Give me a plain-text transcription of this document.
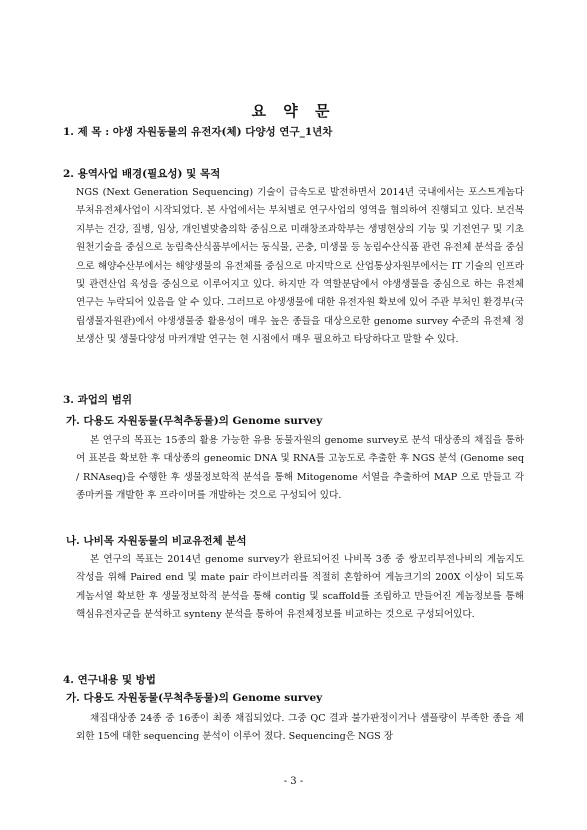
요 약 문
1. 제 목 : 야생 자원동물의 유전자(체) 다양성 연구_1년차
2. 용역사업 배경(필요성) 및 목적

NGS (Next Generation Sequencing) 기술이 급속도로 발전하면서 2014년 국내에서는 포스트게놈다부처유전체사업이 시작되었다. 본 사업에서는 부처별로 연구사업의 영역을 협의하여 진행되고 있다. 보건복지부는 건강, 질병, 임상, 개인별맞춤의학 중심으로 미래창조과학부는 생명현상의 기능 및 기전연구 및 기초원천기술을 중심으로 농림축산식품부에서는 동식물, 곤충, 미생물 등 농림수산식품 관련 유전체 분석을 중심으로 해양수산부에서는 해양생물의 유전체를 중심으로 마지막으로 산업통상자원부에서는 IT 기술의 인프라 및 관련산업 육성을 중심으로 이루어지고 있다. 하지만 각 역할분담에서 야생생물을 중심으로 하는 유전체 연구는 누락되어 있음을 알 수 있다. 그러므로 야생생물에 대한 유전자원 확보에 있어 주관 부처인 환경부(국립생물자원관)에서 야생생물중 활용성이 매우 높은 종들을 대상으로한 genome survey 수준의 유전체 정보생산 및 생물다양성 마커개발 연구는 현 시점에서 매우 필요하고 타당하다고 말할 수 있다.

3. 과업의 범위
가. 다용도 자원동물(무척추동물)의 Genome survey

본 연구의 목표는 15종의 활용 가능한 유용 동물자원의 genome survey로 분석 대상종의 채집을 통하여 표본을 확보한 후 대상종의 geneomic DNA 및 RNA를 고농도로 추출한 후 NGS 분석 (Genome seq / RNAseq)을 수행한 후 생물정보학적 분석을 통해 Mitogenome 서열을 추출하여 MAP 으로 만들고 각종마커를 개발한 후 프라이머를 개발하는 것으로 구성되어 있다.

나. 나비목 자원동물의 비교유전체 분석

본 연구의 목표는 2014년 genome survey가 완료되어진 나비목 3종 중 쌍꼬리부전나비의 게놈지도 작성을 위해 Paired end 및 mate pair 라이브러리를 적절히 혼합하여 게놈크기의 200X 이상이 되도록 게놈서열 확보한 후 생물정보학적 분석을 통해 contig 및 scaffold를 조립하고 만들어진 게놈정보를 통해 핵심유전자군을 분석하고 synteny 분석을 통하여 유전체정보를 비교하는 것으로 구성되어있다.

4. 연구내용 및 방법
가. 다용도 자원동물(무척추동물)의 Genome survey

채집대상종 24종 중 16종이 최종 채집되었다. 그중 QC 결과 불가판정이거나 샘플량이 부족한 종을 제외한 15에 대한 sequencing 분석이 이루어 졌다. Sequencing은 NGS 장

- 3 -
